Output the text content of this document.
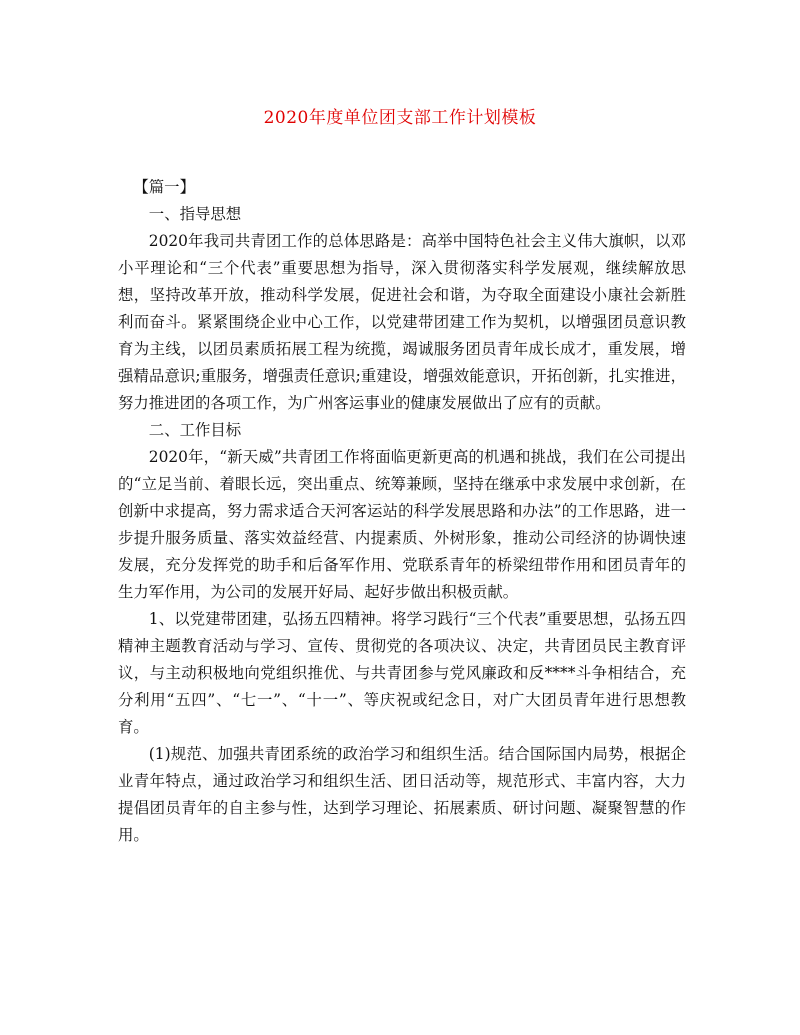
2020年度单位团支部工作计划模板

【篇一】

一、指导思想

2020年我司共青团工作的总体思路是：高举中国特色社会主义伟大旗帜，以邓小平理论和“三个代表”重要思想为指导，深入贯彻落实科学发展观，继续解放思想，坚持改革开放，推动科学发展，促进社会和谐，为夺取全面建设小康社会新胜利而奋斗。紧紧围绕企业中心工作，以党建带团建工作为契机，以增强团员意识教育为主线，以团员素质拓展工程为统揽，竭诚服务团员青年成长成才，重发展，增强精品意识;重服务，增强责任意识;重建设，增强效能意识，开拓创新，扎实推进，努力推进团的各项工作，为广州客运事业的健康发展做出了应有的贡献。

二、工作目标

2020年，“新天威”共青团工作将面临更新更高的机遇和挑战，我们在公司提出的“立足当前、着眼长远，突出重点、统筹兼顾，坚持在继承中求发展中求创新，在创新中求提高，努力需求适合天河客运站的科学发展思路和办法”的工作思路，进一步提升服务质量、落实效益经营、内提素质、外树形象，推动公司经济的协调快速发展，充分发挥党的助手和后备军作用、党联系青年的桥梁纽带作用和团员青年的生力军作用，为公司的发展开好局、起好步做出积极贡献。

1、以党建带团建，弘扬五四精神。将学习践行“三个代表”重要思想，弘扬五四精神主题教育活动与学习、宣传、贯彻党的各项决议、决定，共青团员民主教育评议，与主动积极地向党组织推优、与共青团参与党风廉政和反****斗争相结合，充分利用“五四”、“七一”、“十一”、等庆祝或纪念日，对广大团员青年进行思想教育。

(1)规范、加强共青团系统的政治学习和组织生活。结合国际国内局势，根据企业青年特点，通过政治学习和组织生活、团日活动等，规范形式、丰富内容，大力提倡团员青年的自主参与性，达到学习理论、拓展素质、研讨问题、凝聚智慧的作用。
